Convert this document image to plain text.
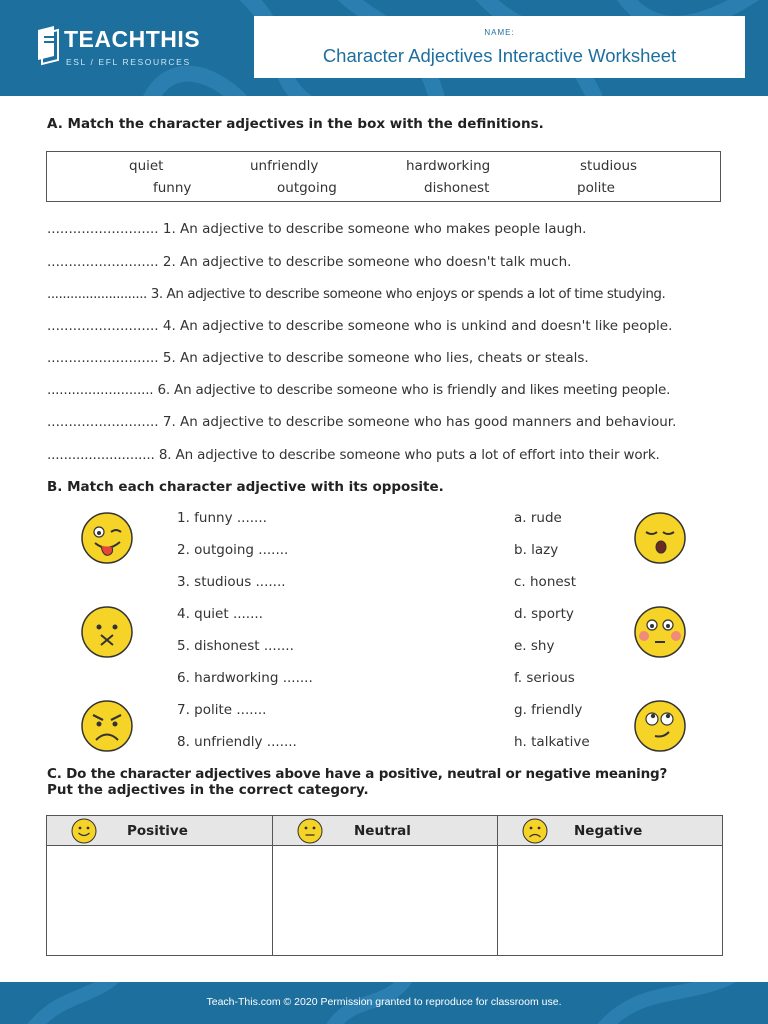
TEACHTHIS
ESL / EFL RESOURCES
NAME:
Character Adjectives Interactive Worksheet
A. Match the character adjectives in the box with the definitions.
quiet	unfriendly	hardworking	studious
funny	outgoing	dishonest	polite
.......................... 1. An adjective to describe someone who makes people laugh.
.......................... 2. An adjective to describe someone who doesn't talk much.
.......................... 3. An adjective to describe someone who enjoys or spends a lot of time studying.
.......................... 4. An adjective to describe someone who is unkind and doesn't like people.
.......................... 5. An adjective to describe someone who lies, cheats or steals.
.......................... 6. An adjective to describe someone who is friendly and likes meeting people.
.......................... 7. An adjective to describe someone who has good manners and behaviour.
.......................... 8. An adjective to describe someone who puts a lot of effort into their work.
B. Match each character adjective with its opposite.
1. funny .......
2. outgoing .......
3. studious .......
4. quiet .......
5. dishonest .......
6. hardworking .......
7. polite .......
8. unfriendly .......
a. rude
b. lazy
c. honest
d. sporty
e. shy
f. serious
g. friendly
h. talkative
C. Do the character adjectives above have a positive, neutral or negative meaning?
Put the adjectives in the correct category.
Positive	Neutral	Negative
Teach-This.com © 2020 Permission granted to reproduce for classroom use.
